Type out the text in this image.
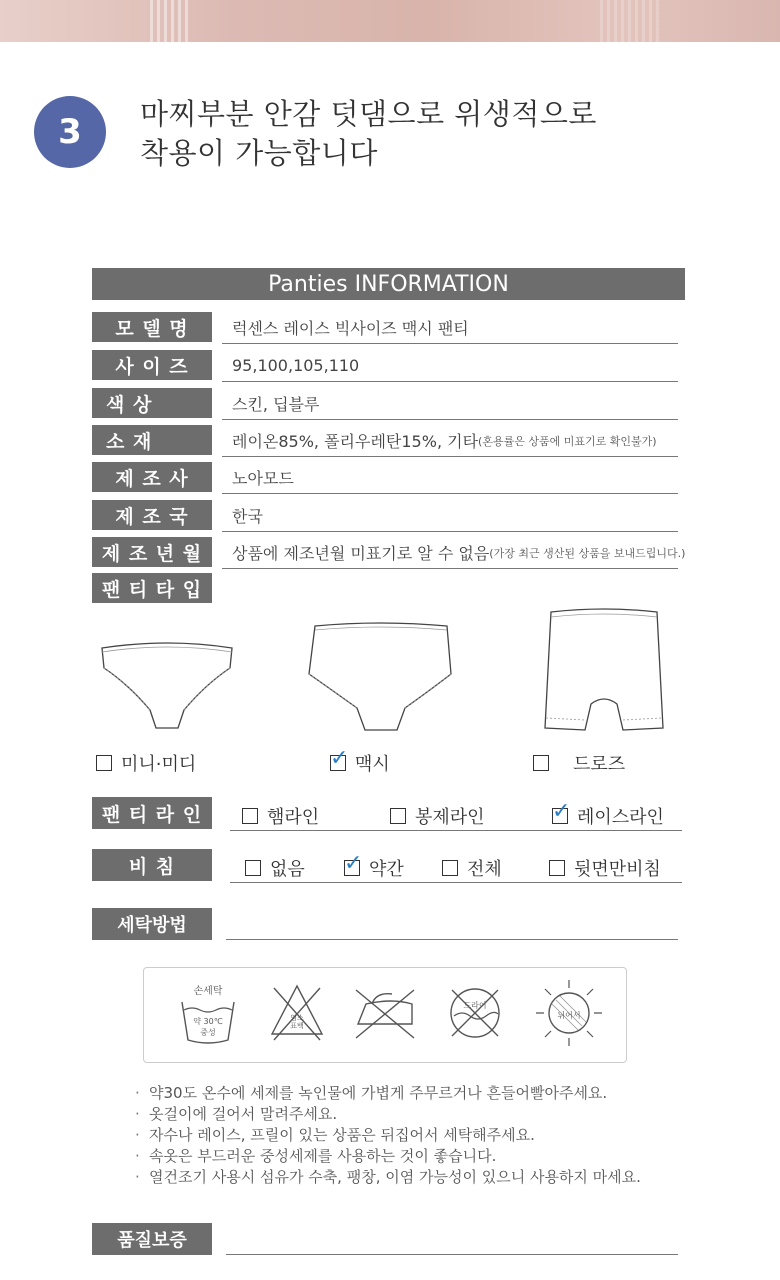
3	마찌부분 안감 덧댐으로 위생적으로
착용이 가능합니다
Panties INFORMATION
모 델 명	럭센스 레이스 빅사이즈 맥시 팬티
사 이 즈	95,100,105,110
색 상	스킨, 딥블루
소 재	레이온85%, 폴리우레탄15%, 기타 (혼용률은 상품에 미표기로 확인불가)
제 조 사	노아모드
제 조 국	한국
제 조 년 월	상품에 제조년월 미표기로 알 수 없음 (가장 최근 생산된 상품을 보내드립니다.)
팬 티 타 입
미니·미디	✓ 맥시	드로즈
팬 티 라 인	햄라인	봉제라인	✓ 레이스라인
비 침	없음 ✓ 약간	전체	뒷면만비침
세탁방법
손세탁
약 30℃
중성
염소
표백
드라이
뉘어서
· 약30도 온수에 세제를 녹인물에 가볍게 주무르거나 흔들어빨아주세요.
· 옷걸이에 걸어서 말려주세요.
· 자수나 레이스, 프릴이 있는 상품은 뒤집어서 세탁해주세요.
· 속옷은 부드러운 중성세제를 사용하는 것이 좋습니다.
· 열건조기 사용시 섬유가 수축, 팽창, 이염 가능성이 있으니 사용하지 마세요.
품질보증
